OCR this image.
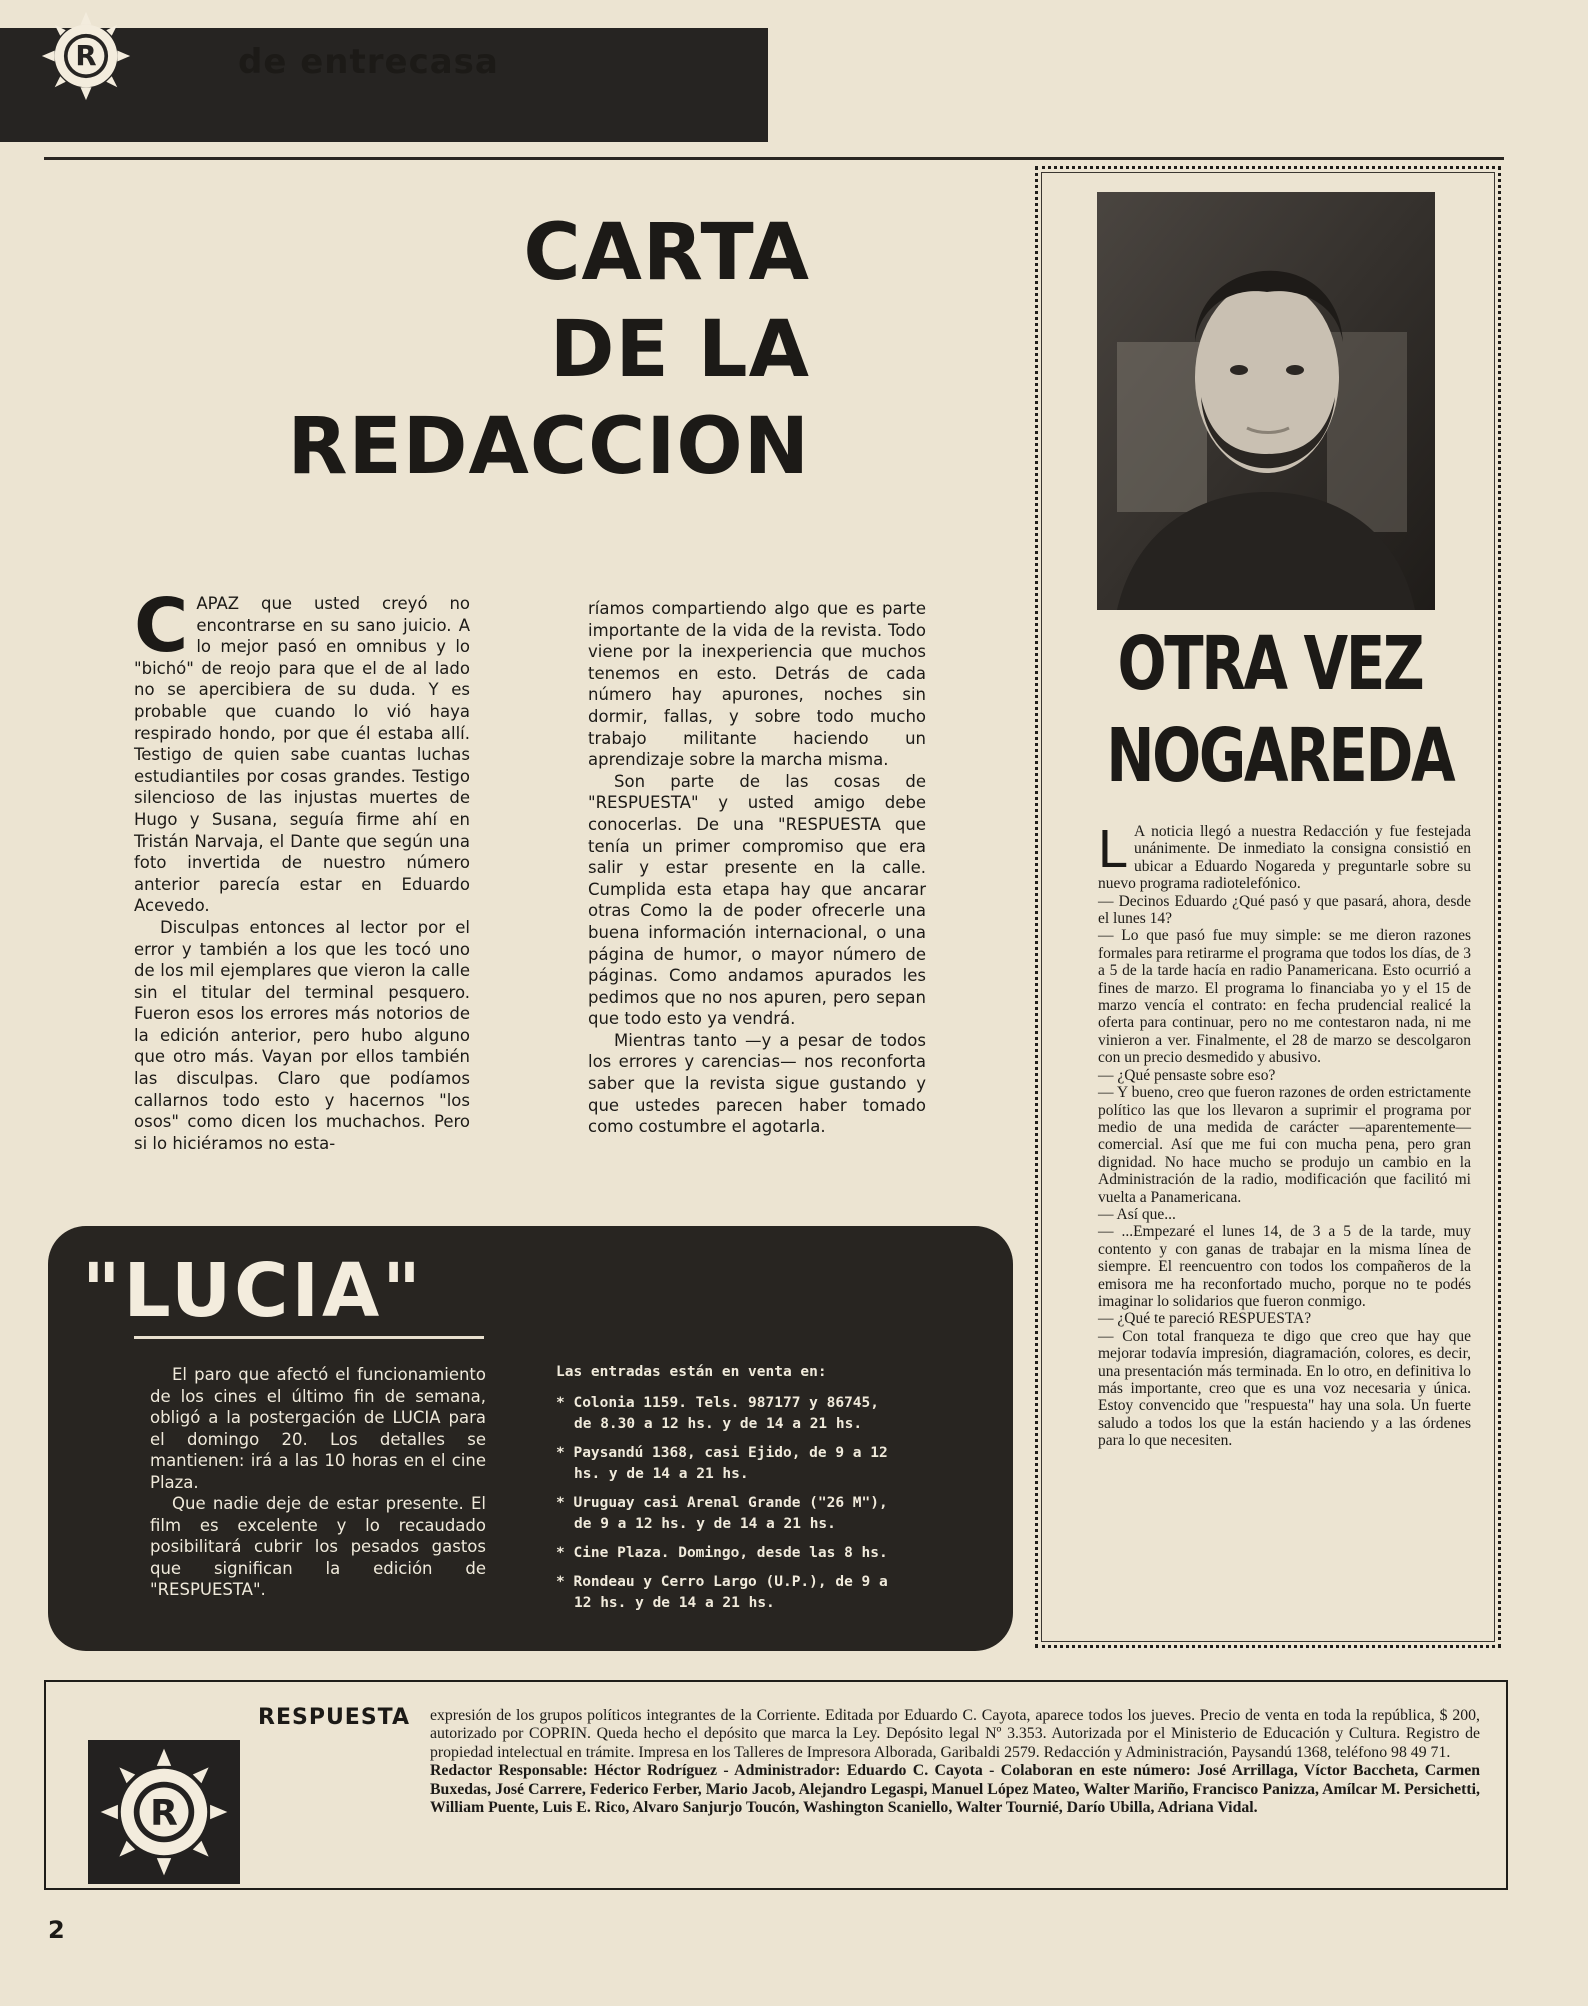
R	de entrecasa
CARTA
DE LA
REDACCION

CAPAZ que usted creyó no encontrarse en su sano juicio. A lo mejor pasó en omnibus y lo "bichó" de reojo para que el de al lado no se apercibiera de su duda. Y es probable que cuando lo vió haya respirado hondo, por que él estaba allí. Testigo de quien sabe cuantas luchas estudiantiles por cosas grandes. Testigo silencioso de las injustas muertes de Hugo y Susana, seguía firme ahí en Tristán Narvaja, el Dante que según una foto invertida de nuestro número anterior parecía estar en Eduardo Acevedo.

Disculpas entonces al lector por el error y también a los que les tocó uno de los mil ejemplares que vieron la calle sin el titular del terminal pesquero. Fueron esos los errores más notorios de la edición anterior, pero hubo alguno que otro más. Vayan por ellos también las disculpas. Claro que podíamos callarnos todo esto y hacernos "los osos" como dicen los muchachos. Pero si lo hiciéramos no esta-

ríamos compartiendo algo que es parte importante de la vida de la revista. Todo viene por la inexperiencia que muchos tenemos en esto. Detrás de cada número hay apurones, noches sin dormir, fallas, y sobre todo mucho trabajo militante haciendo un aprendizaje sobre la marcha misma.

Son parte de las cosas de "RESPUESTA" y usted amigo debe conocerlas. De una "RESPUESTA que tenía un primer compromiso que era salir y estar presente en la calle. Cumplida esta etapa hay que ancarar otras Como la de poder ofrecerle una buena información internacional, o una página de humor, o mayor número de páginas. Como andamos apurados les pedimos que no nos apuren, pero sepan que todo esto ya vendrá.

Mientras tanto —y a pesar de todos los errores y carencias— nos reconforta saber que la revista sigue gustando y que ustedes parecen haber tomado como costumbre el agotarla.

OTRA VEZ
NOGAREDA

L A noticia llegó a nuestra Redacción y fue festejada unánimente. De inmediato la consigna consistió en ubicar a Eduardo Nogareda y preguntarle sobre su nuevo programa radiotelefónico.

— Decinos Eduardo ¿Qué pasó y que pasará, ahora, desde el lunes 14?

— Lo que pasó fue muy simple: se me dieron razones formales para retirarme el programa que todos los días, de 3 a 5 de la tarde hacía en radio Panamericana. Esto ocurrió a fines de marzo. El programa lo financiaba yo y el 15 de marzo vencía el contrato: en fecha prudencial realicé la oferta para continuar, pero no me contestaron nada, ni me vinieron a ver. Finalmente, el 28 de marzo se descolgaron con un precio desmedido y abusivo.

— ¿Qué pensaste sobre eso?

— Y bueno, creo que fueron razones de orden estrictamente político las que los llevaron a suprimir el programa por medio de una medida de carácter —aparentemente— comercial. Así que me fui con mucha pena, pero gran dignidad. No hace mucho se produjo un cambio en la Administración de la radio, modificación que facilitó mi vuelta a Panamericana.

— Así que...

— ...Empezaré el lunes 14, de 3 a 5 de la tarde, muy contento y con ganas de trabajar en la misma línea de siempre. El reencuentro con todos los compañeros de la emisora me ha reconfortado mucho, porque no te podés imaginar lo solidarios que fueron conmigo.

— ¿Qué te pareció RESPUESTA?

— Con total franqueza te digo que creo que hay que mejorar todavía impresión, diagramación, colores, es decir, una presentación más terminada. En lo otro, en definitiva lo más importante, creo que es una voz necesaria y única. Estoy convencido que "respuesta" hay una sola. Un fuerte saludo a todos los que la están haciendo y a las órdenes para lo que necesiten.

"LUCIA"

El paro que afectó el funcionamiento de los cines el último fin de semana, obligó a la postergación de LUCIA para el domingo 20. Los detalles se mantienen: irá a las 10 horas en el cine Plaza.

Que nadie deje de estar presente. El film es excelente y lo recaudado posibilitará cubrir los pesados gastos que significan la edición de "RESPUESTA".

Las entradas están en venta en:
* Colonia 1159. Tels. 987177 y 86745, de 8.30 a 12 hs. y de 14 a 21 hs.
* Paysandú 1368, casi Ejido, de 9 a 12 hs. y de 14 a 21 hs.
* Uruguay casi Arenal Grande ("26 M"), de 9 a 12 hs. y de 14 a 21 hs.
* Cine Plaza. Domingo, desde las 8 hs.
* Rondeau y Cerro Largo (U.P.), de 9 a 12 hs. y de 14 a 21 hs.
R
RESPUESTA expresión de los grupos políticos integrantes de la Corriente. Editada por Eduardo C. Cayota, aparece todos los jueves. Precio de venta en toda la república, $ 200, autorizado por COPRIN. Queda hecho el depósito que marca la Ley. Depósito legal Nº 3.353. Autorizada por el Ministerio de Educación y Cultura. Registro de propiedad intelectual en trámite. Impresa en los Talleres de Impresora Alborada, Garibaldi 2579. Redacción y Administración, Paysandú 1368, teléfono 98 49 71.

Redactor Responsable: Héctor Rodríguez - Administrador: Eduardo C. Cayota - Colaboran en este número: José Arrillaga, Víctor Baccheta, Carmen Buxedas, José Carrere, Federico Ferber, Mario Jacob, Alejandro Legaspi, Manuel López Mateo, Walter Mariño, Francisco Panizza, Amílcar M. Persichetti, William Puente, Luis E. Rico, Alvaro Sanjurjo Toucón, Washington Scaniello, Walter Tournié, Darío Ubilla, Adriana Vidal.

2
